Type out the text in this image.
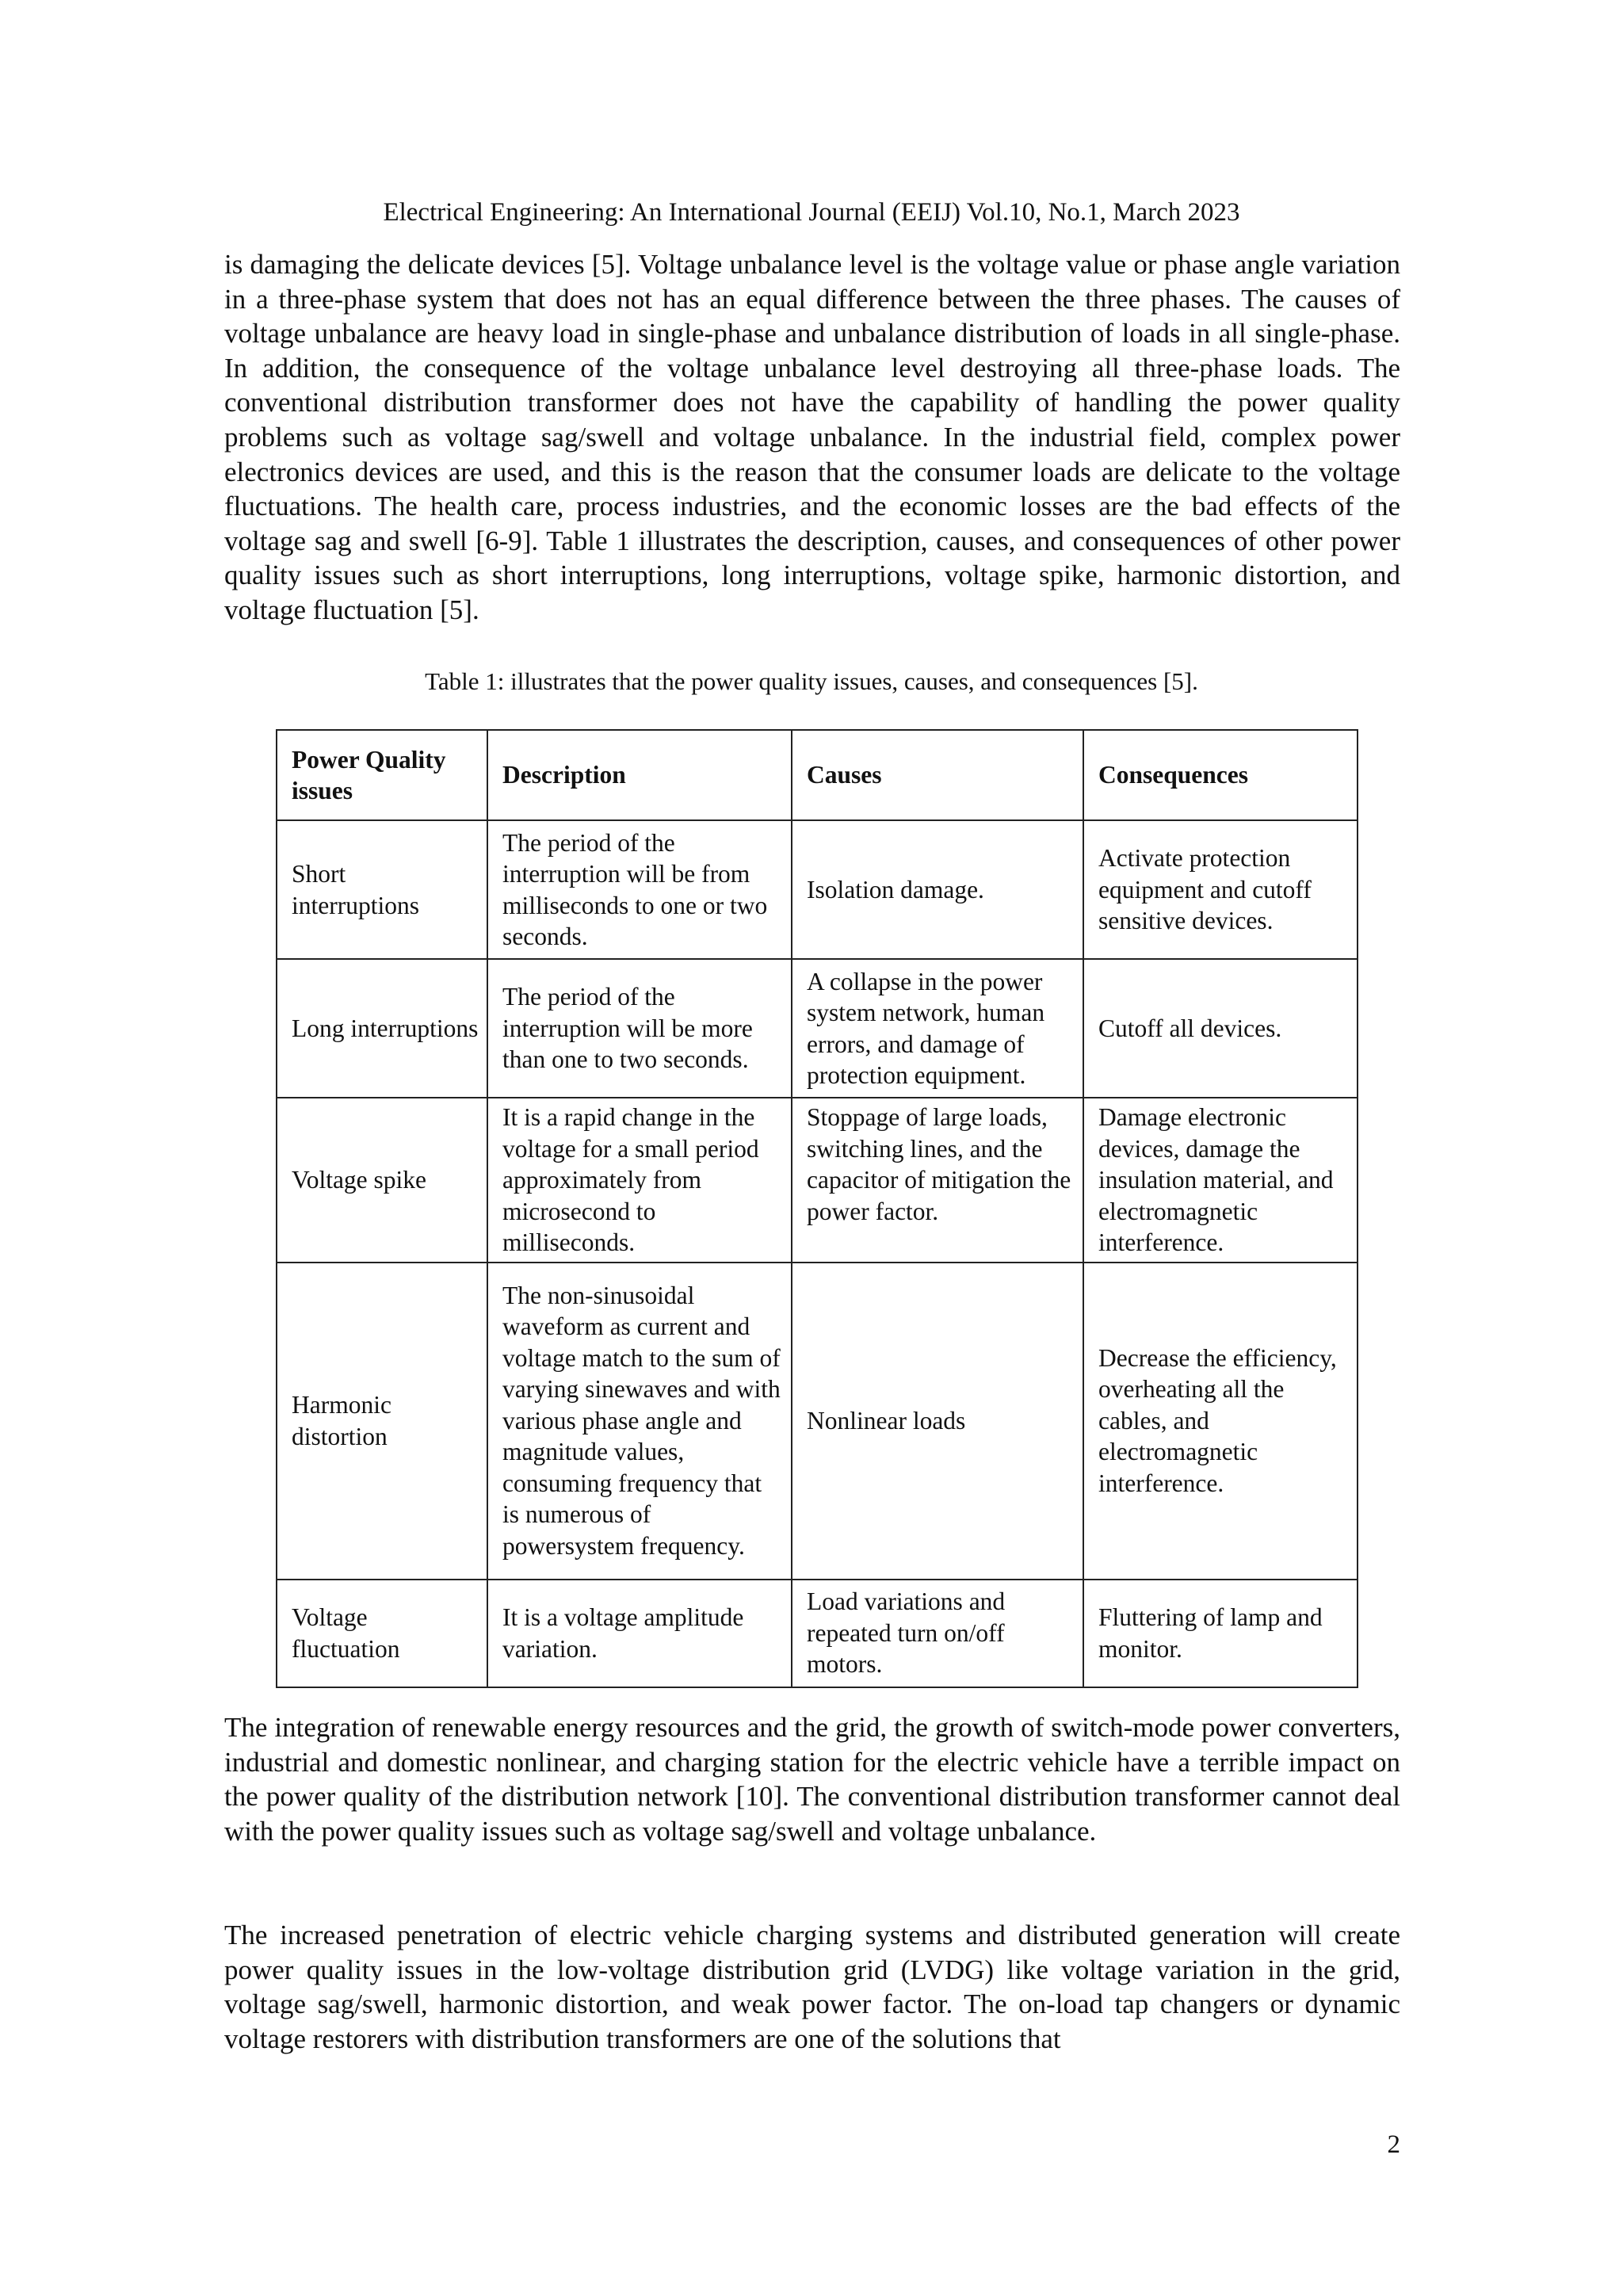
Electrical Engineering: An International Journal (EEIJ) Vol.10, No.1, March 2023

is damaging the delicate devices [5]. Voltage unbalance level is the voltage value or phase angle variation in a three-phase system that does not has an equal difference between the three phases. The causes of voltage unbalance are heavy load in single-phase and unbalance distribution of loads in all single-phase. In addition, the consequence of the voltage unbalance level destroying all three-phase loads. The conventional distribution transformer does not have the capability of handling the power quality problems such as voltage sag/swell and voltage unbalance. In the industrial field, complex power electronics devices are used, and this is the reason that the consumer loads are delicate to the voltage fluctuations. The health care, process industries, and the economic losses are the bad effects of the voltage sag and swell [6-9]. Table 1 illustrates the description, causes, and consequences of other power quality issues such as short interruptions, long interruptions, voltage spike, harmonic distortion, and voltage fluctuation [5].

Table 1: illustrates that the power quality issues, causes, and consequences [5].
Power Quality issues	Description	Causes	Consequences
Short interruptions	The period of the interruption will be from milliseconds to one or two seconds.	Isolation damage.	Activate protection equipment and cutoff sensitive devices.
Long interruptions	The period of the interruption will be more than one to two seconds.	A collapse in the power system network, human errors, and damage of protection equipment.	Cutoff all devices.
Voltage spike	It is a rapid change in the voltage for a small period approximately from microsecond to milliseconds.	Stoppage of large loads, switching lines, and the capacitor of mitigation the power factor.	Damage electronic devices, damage the insulation material, and electromagnetic interference.
Harmonic distortion	The non-sinusoidal waveform as current and voltage match to the sum of varying sinewaves and with various phase angle and magnitude values, consuming frequency that is numerous of powersystem frequency.	Nonlinear loads	Decrease the efficiency, overheating all the cables, and electromagnetic interference.
Voltage fluctuation	It is a voltage amplitude variation.	Load variations and repeated turn on/off motors.	Fluttering of lamp and monitor.

The integration of renewable energy resources and the grid, the growth of switch-mode power converters, industrial and domestic nonlinear, and charging station for the electric vehicle have a terrible impact on the power quality of the distribution network [10]. The conventional distribution transformer cannot deal with the power quality issues such as voltage sag/swell and voltage unbalance.

The increased penetration of electric vehicle charging systems and distributed generation will create power quality issues in the low-voltage distribution grid (LVDG) like voltage variation in the grid, voltage sag/swell, harmonic distortion, and weak power factor. The on-load tap changers or dynamic voltage restorers with distribution transformers are one of the solutions that

2
